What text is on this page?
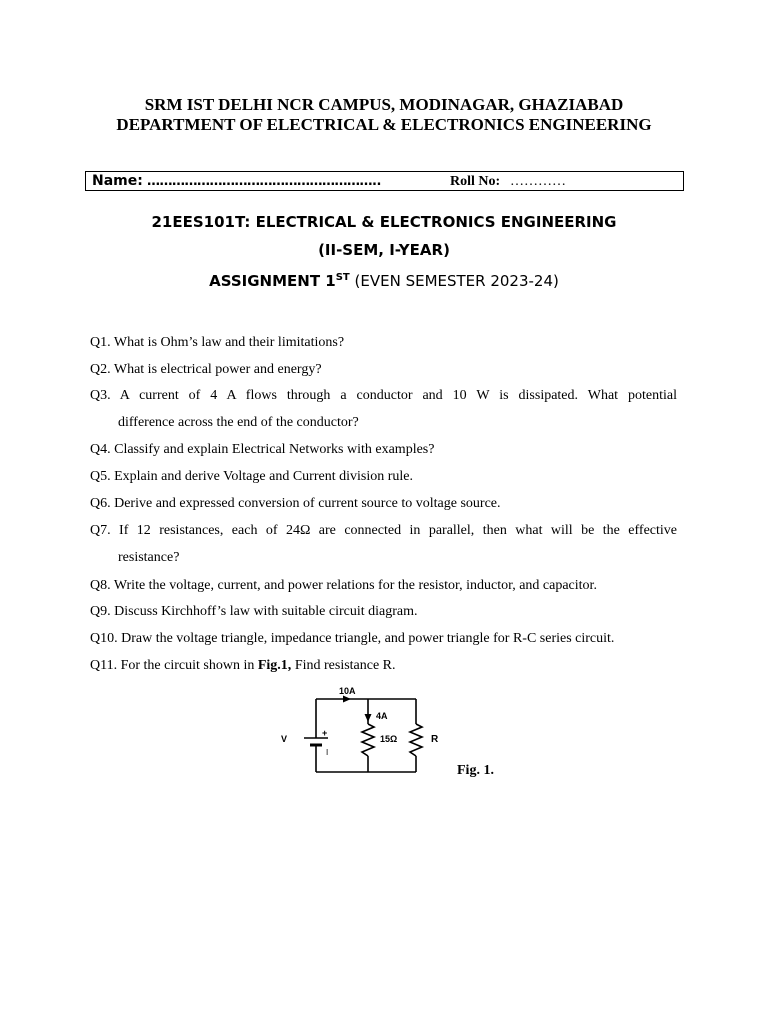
SRM IST DELHI NCR CAMPUS, MODINAGAR, GHAZIABAD
DEPARTMENT OF ELECTRICAL & ELECTRONICS ENGINEERING
Name: ………………………………………………..	Roll No: …………
21EES101T: ELECTRICAL & ELECTRONICS ENGINEERING
(II-SEM, I-YEAR)
ASSIGNMENT 1ST (EVEN SEMESTER 2023-24)
Q1. What is Ohm’s law and their limitations?
Q2. What is electrical power and energy?
Q3. A current of 4 A flows through a conductor and 10 W is dissipated. What potential
difference across the end of the conductor?
Q4. Classify and explain Electrical Networks with examples?
Q5. Explain and derive Voltage and Current division rule.
Q6. Derive and expressed conversion of current source to voltage source.
Q7. If 12 resistances, each of 24Ω are connected in parallel, then what will be the effective
resistance?
Q8. Write the voltage, current, and power relations for the resistor, inductor, and capacitor.
Q9. Discuss Kirchhoff’s law with suitable circuit diagram.
Q10. Draw the voltage triangle, impedance triangle, and power triangle for R-C series circuit.
Q11. For the circuit shown in Fig.1, Find resistance R.
10A
4A
V
+
I
15Ω	R
Fig. 1.
